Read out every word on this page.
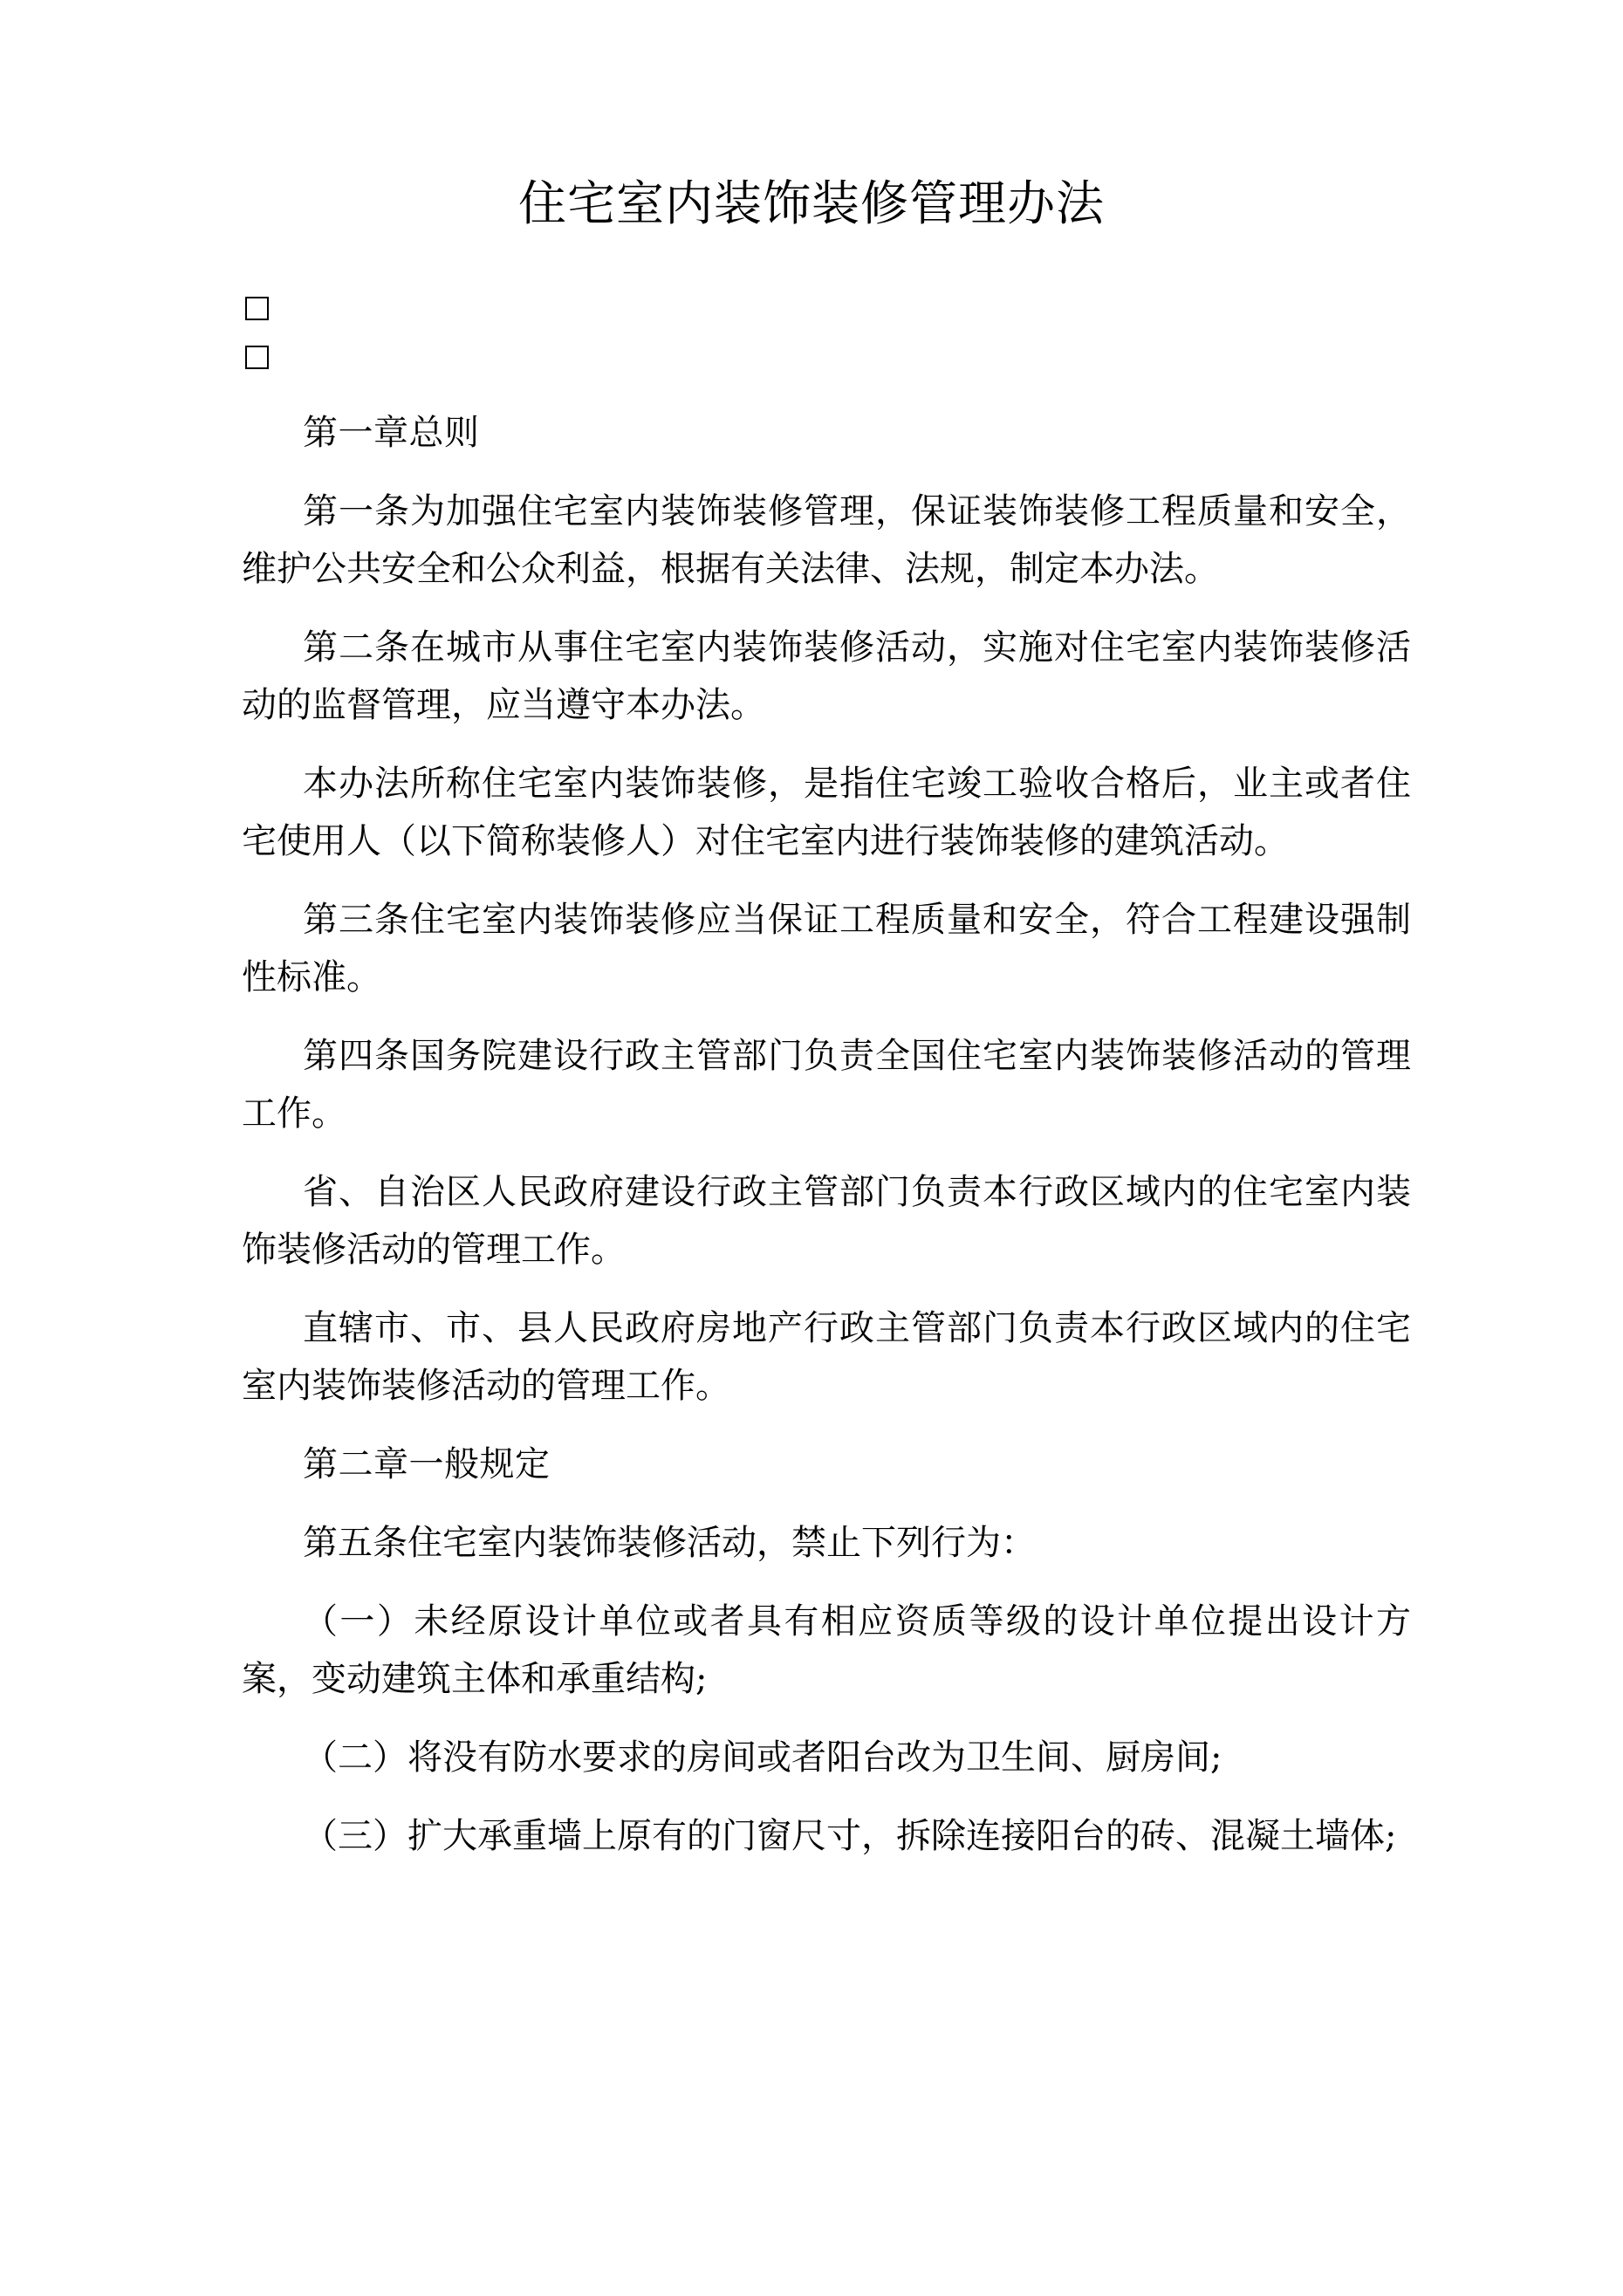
住宅室内装饰装修管理办法

第一章总则

第一条为加强住宅室内装饰装修管理，保证装饰装修工程质量和安全，维护公共安全和公众利益，根据有关法律、法规，制定本办法。

第二条在城市从事住宅室内装饰装修活动，实施对住宅室内装饰装修活动的监督管理，应当遵守本办法。

本办法所称住宅室内装饰装修，是指住宅竣工验收合格后，业主或者住宅使用人（以下简称装修人）对住宅室内进行装饰装修的建筑活动。

第三条住宅室内装饰装修应当保证工程质量和安全，符合工程建设强制性标准。

第四条国务院建设行政主管部门负责全国住宅室内装饰装修活动的管理工作。

省、自治区人民政府建设行政主管部门负责本行政区域内的住宅室内装饰装修活动的管理工作。

直辖市、市、县人民政府房地产行政主管部门负责本行政区域内的住宅室内装饰装修活动的管理工作。

第二章一般规定

第五条住宅室内装饰装修活动，禁止下列行为：

（一）未经原设计单位或者具有相应资质等级的设计单位提出设计方案，变动建筑主体和承重结构;

（二）将没有防水要求的房间或者阳台改为卫生间、厨房间;

（三）扩大承重墙上原有的门窗尺寸，拆除连接阳台的砖、混凝土墙体;
